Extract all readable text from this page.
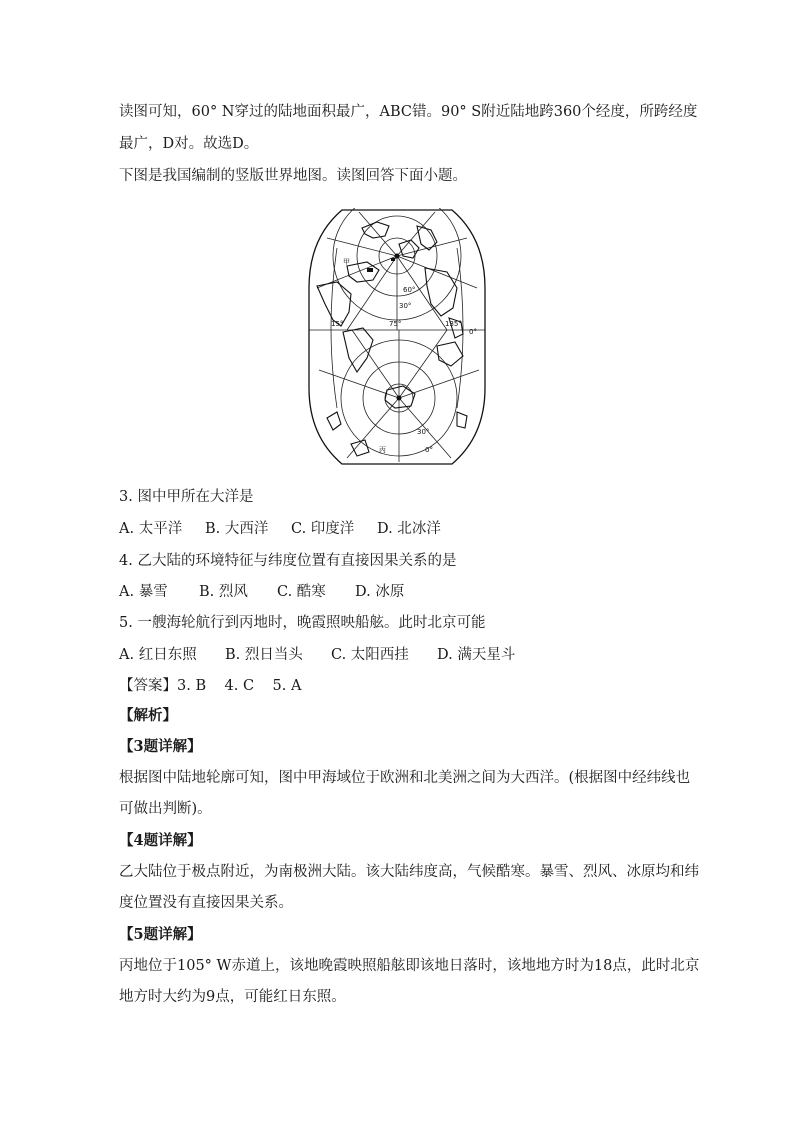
读图可知，60° N穿过的陆地面积最广，ABC错。90° S附近陆地跨360个经度，所跨经度
最广，D对。故选D。
下图是我国编制的竖版世界地图。读图回答下面小题。
60°
30°
15°	75°	135°
0°
30°
0°
甲
丙
3. 图中甲所在大洋是
A. 太平洋 B. 大西洋 C. 印度洋 D. 北冰洋
4. 乙大陆的环境特征与纬度位置有直接因果关系的是
A. 暴雪 B. 烈风 C. 酷寒 D. 冰原
5. 一艘海轮航行到丙地时，晚霞照映船舷。此时北京可能
A. 红日东照 B. 烈日当头 C. 太阳西挂 D. 满天星斗
【答案】3. B    4. C    5. A
【解析】
【3题详解】
根据图中陆地轮廓可知，图中甲海域位于欧洲和北美洲之间为大西洋。(根据图中经纬线也
可做出判断)。
【4题详解】
乙大陆位于极点附近，为南极洲大陆。该大陆纬度高，气候酷寒。暴雪、烈风、冰原均和纬
度位置没有直接因果关系。
【5题详解】
丙地位于105° W赤道上，该地晚霞映照船舷即该地日落时，该地地方时为18点，此时北京
地方时大约为9点，可能红日东照。
